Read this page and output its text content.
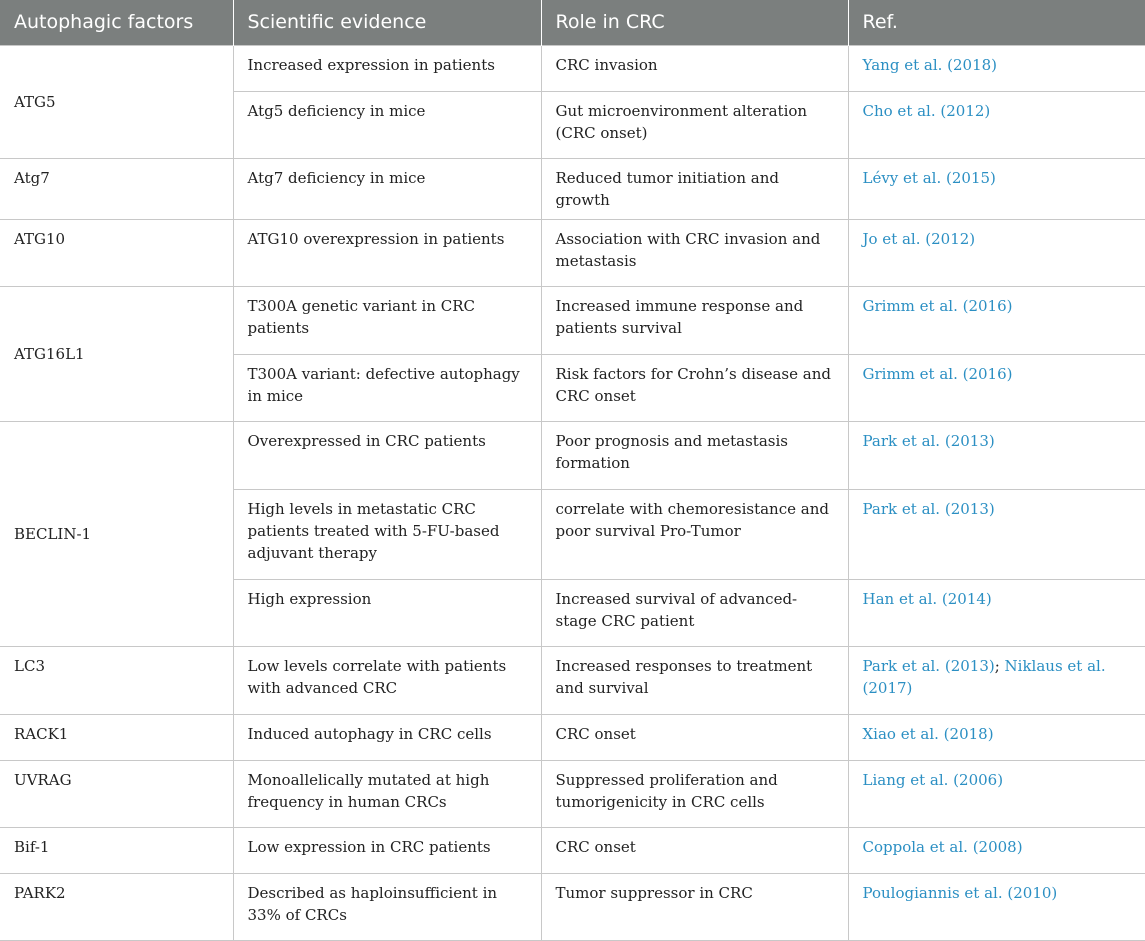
Autophagic factors	Scientific evidence	Role in CRC	Ref.
ATG5	Increased expression in patients	CRC invasion	Yang et al. (2018)
	Atg5 deficiency in mice	Gut microenvironment alteration (CRC onset)	Cho et al. (2012)
Atg7	Atg7 deficiency in mice	Reduced tumor initiation and growth	Lévy et al. (2015)
ATG10	ATG10 overexpression in patients	Association with CRC invasion and metastasis	Jo et al. (2012)
ATG16L1	T300A genetic variant in CRC patients	Increased immune response and patients survival	Grimm et al. (2016)
	T300A variant: defective autophagy in mice	Risk factors for Crohn’s disease and CRC onset	Grimm et al. (2016)
BECLIN-1	Overexpressed in CRC patients	Poor prognosis and metastasis formation	Park et al. (2013)
	High levels in metastatic CRC patients treated with 5-FU-based adjuvant therapy	correlate with chemoresistance and poor survival Pro-Tumor	Park et al. (2013)
	High expression	Increased survival of advanced-stage CRC patient	Han et al. (2014)
LC3	Low levels correlate with patients with advanced CRC	Increased responses to treatment and survival	Park et al. (2013); Niklaus et al. (2017)
RACK1	Induced autophagy in CRC cells	CRC onset	Xiao et al. (2018)
UVRAG	Monoallelically mutated at high frequency in human CRCs	Suppressed proliferation and tumorigenicity in CRC cells	Liang et al. (2006)
Bif-1	Low expression in CRC patients	CRC onset	Coppola et al. (2008)
PARK2	Described as haploinsufficient in 33% of CRCs	Tumor suppressor in CRC	Poulogiannis et al. (2010)
